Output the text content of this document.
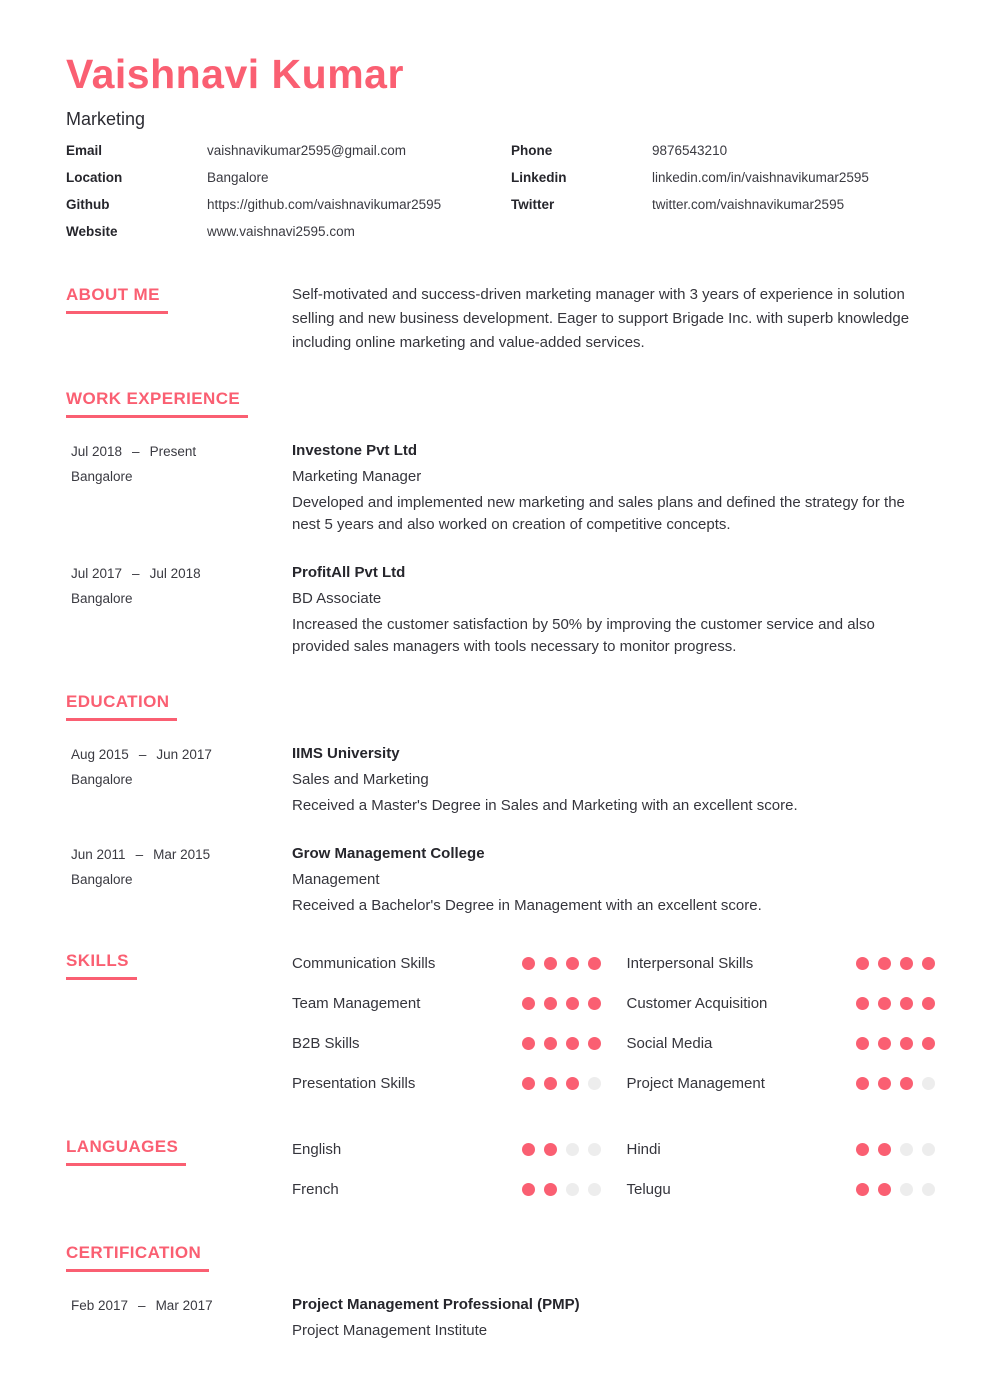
Vaishnavi Kumar
Marketing
Email	vaishnavikumar2595@gmail.com
Location	Bangalore
Github	https://github.com/vaishnavikumar2595
Website	www.vaishnavi2595.com
Phone	9876543210
Linkedin	linkedin.com/in/vaishnavikumar2595
Twitter	twitter.com/vaishnavikumar2595
ABOUT ME	Self-motivated and success-driven marketing manager with 3 years of experience in solution selling and new business development. Eager to support Brigade Inc. with superb knowledge including online marketing and value-added services.
WORK EXPERIENCE
Jul 2018 – Present
Bangalore
Investone Pvt Ltd
Marketing Manager
Developed and implemented new marketing and sales plans and defined the strategy for the nest 5 years and also worked on creation of competitive concepts.
Jul 2017 – Jul 2018
Bangalore
ProfitAll Pvt Ltd
BD Associate
Increased the customer satisfaction by 50% by improving the customer service and also provided sales managers with tools necessary to monitor progress.
EDUCATION
Aug 2015 – Jun 2017
Bangalore
IIMS University
Sales and Marketing
Received a Master's Degree in Sales and Marketing with an excellent score.
Jun 2011 – Mar 2015
Bangalore
Grow Management College
Management
Received a Bachelor's Degree in Management with an excellent score.
SKILLS	Communication Skills	Interpersonal Skills
Team Management	Customer Acquisition
B2B Skills	Social Media
Presentation Skills	Project Management
LANGUAGES	English	Hindi
French	Telugu
CERTIFICATION
Feb 2017 – Mar 2017	Project Management Professional (PMP)
Project Management Institute
